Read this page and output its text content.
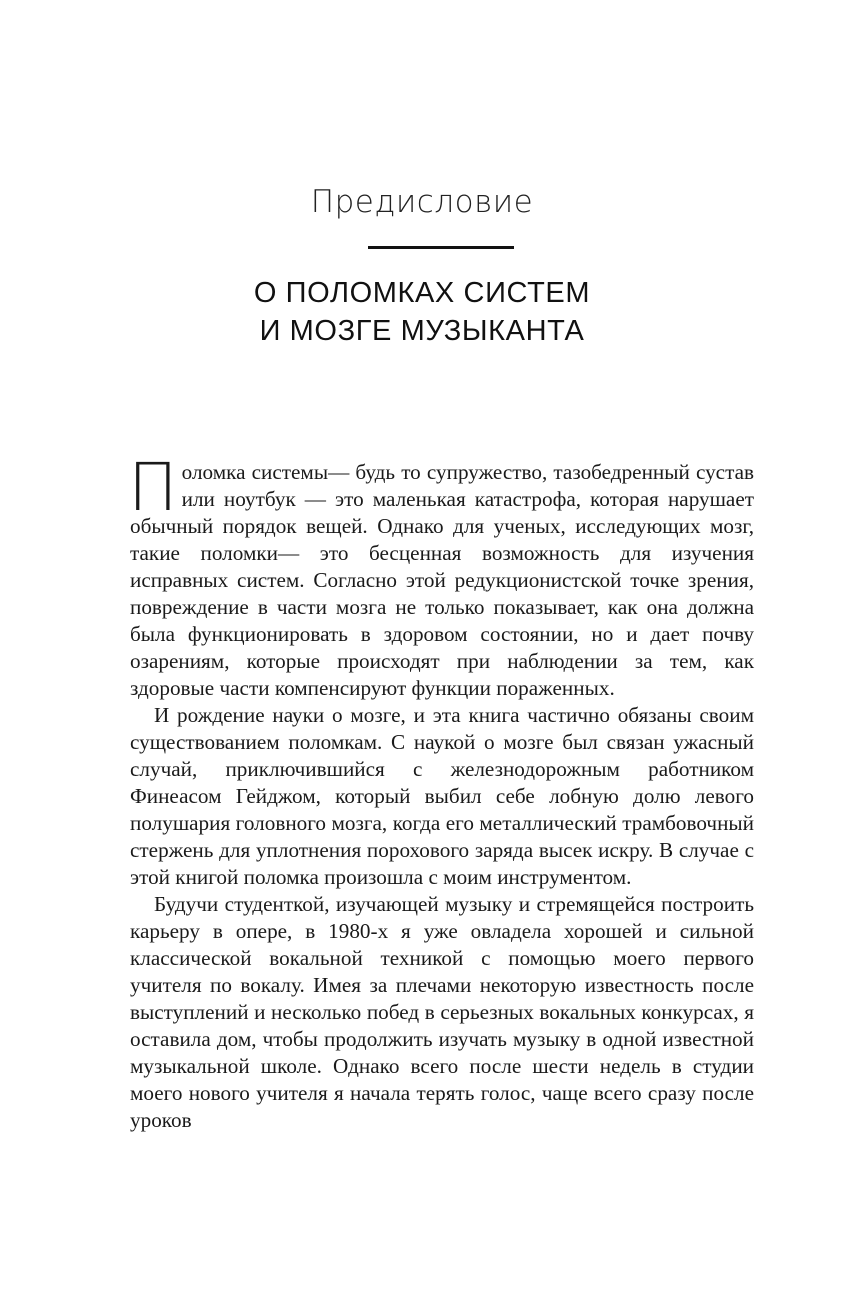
Предисловие
О ПОЛОМКАХ СИСТЕМ
И МОЗГЕ МУЗЫКАНТА

Поломка системы— будь то супружество, тазобедренный сустав или ноутбук — это маленькая катастрофа, которая нарушает обычный порядок вещей. Однако для ученых, исследующих мозг, такие поломки— это бесценная возможность для изучения исправных систем. Согласно этой редукционистской точке зрения, повреждение в части мозга не только показывает, как она должна была функционировать в здоровом состоянии, но и дает почву озарениям, которые происходят при наблюдении за тем, как здоровые части компенсируют функции пораженных.

И рождение науки о мозге, и эта книга частично обязаны своим существованием поломкам. С наукой о мозге был связан ужасный случай, приключившийся с железнодорожным работником Финеасом Гейджом, который выбил себе лобную долю левого полушария головного мозга, когда его металлический трамбовочный стержень для уплотнения порохового заряда высек искру. В случае с этой книгой поломка произошла с моим инструментом.

Будучи студенткой, изучающей музыку и стремящейся построить карьеру в опере, в 1980-х я уже овладела хорошей и сильной классической вокальной техникой с помощью моего первого учителя по вокалу. Имея за плечами некоторую известность после выступлений и несколько побед в серьезных вокальных конкурсах, я оставила дом, чтобы продолжить изучать музыку в одной известной музыкальной школе. Однако всего после шести недель в студии моего нового учителя я начала терять голос, чаще всего сразу после уроков
